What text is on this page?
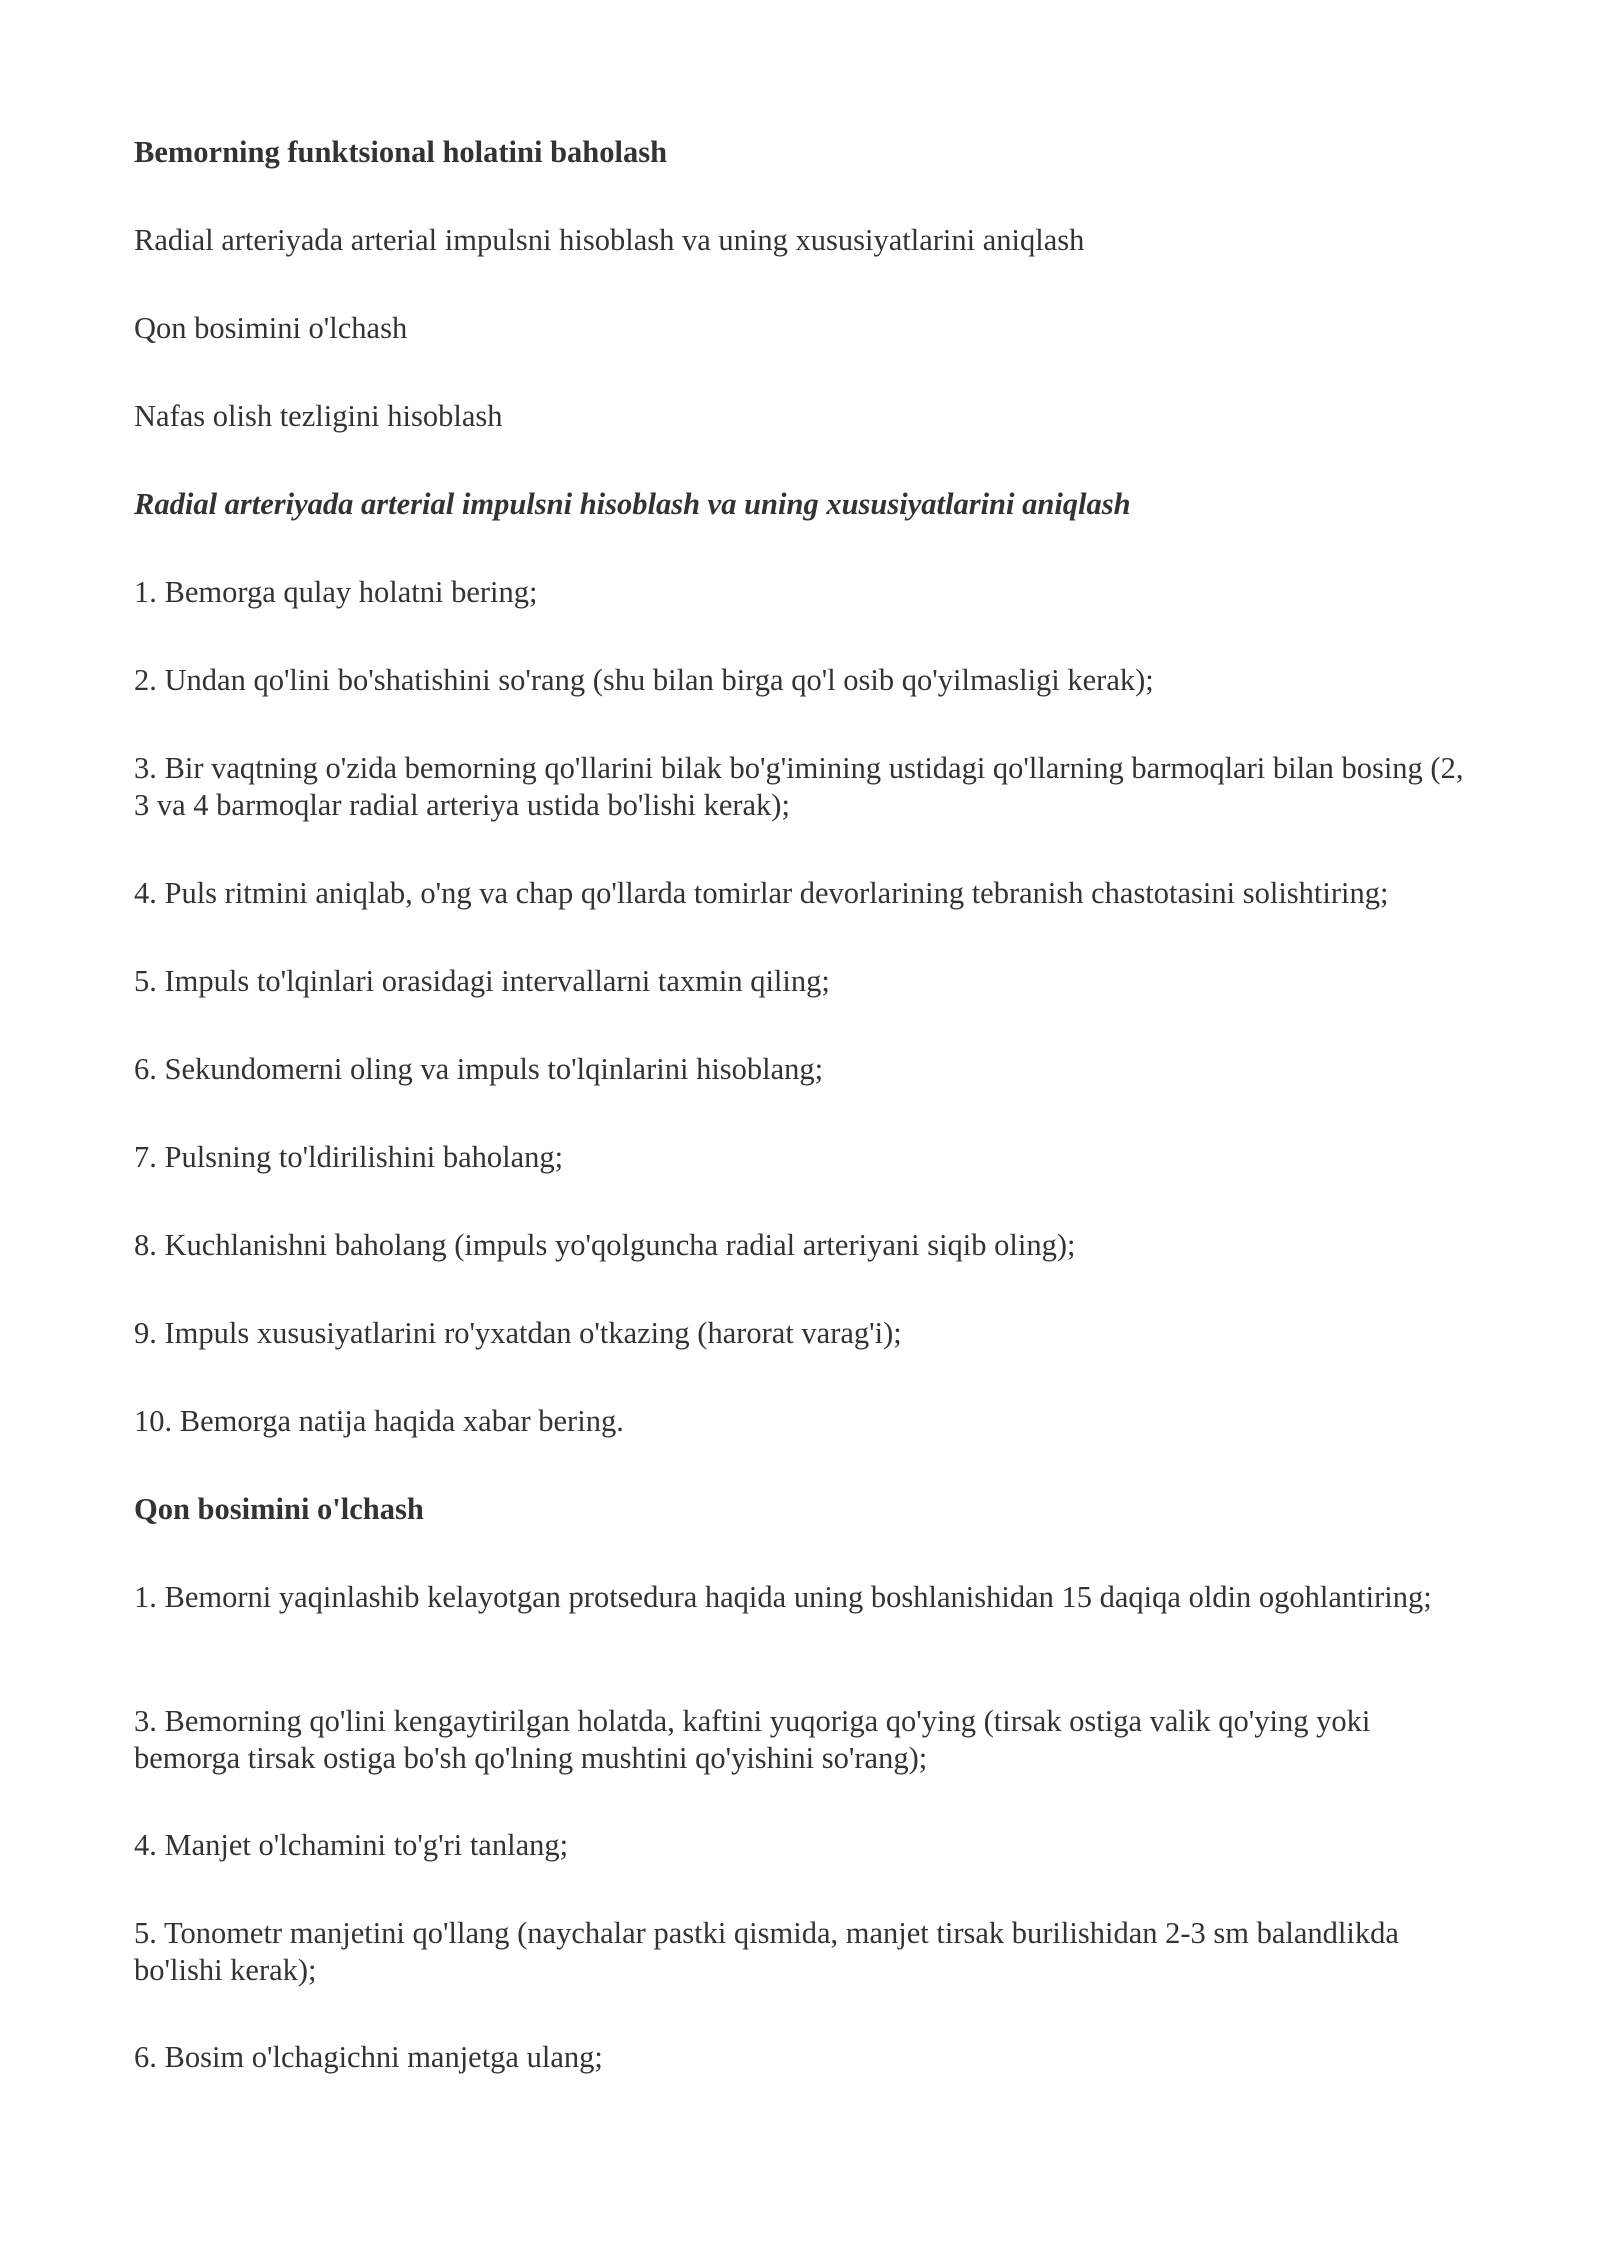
Bemorning funktsional holatini baholash

Radial arteriyada arterial impulsni hisoblash va uning xususiyatlarini aniqlash

Qon bosimini o'lchash

Nafas olish tezligini hisoblash

Radial arteriyada arterial impulsni hisoblash va uning xususiyatlarini aniqlash

1. Bemorga qulay holatni bering;

2. Undan qo'lini bo'shatishini so'rang (shu bilan birga qo'l osib qo'yilmasligi kerak);

3. Bir vaqtning o'zida bemorning qo'llarini bilak bo'g'imining ustidagi qo'llarning barmoqlari bilan bosing (2, 3 va 4 barmoqlar radial arteriya ustida bo'lishi kerak);

4. Puls ritmini aniqlab, o'ng va chap qo'llarda tomirlar devorlarining tebranish chastotasini solishtiring;

5. Impuls to'lqinlari orasidagi intervallarni taxmin qiling;

6. Sekundomerni oling va impuls to'lqinlarini hisoblang;

7. Pulsning to'ldirilishini baholang;

8. Kuchlanishni baholang (impuls yo'qolguncha radial arteriyani siqib oling);

9. Impuls xususiyatlarini ro'yxatdan o'tkazing (harorat varag'i);

10. Bemorga natija haqida xabar bering.

Qon bosimini o'lchash

1. Bemorni yaqinlashib kelayotgan protsedura haqida uning boshlanishidan 15 daqiqa oldin ogohlantiring;

3. Bemorning qo'lini kengaytirilgan holatda, kaftini yuqoriga qo'ying (tirsak ostiga valik qo'ying yoki bemorga tirsak ostiga bo'sh qo'lning mushtini qo'yishini so'rang);

4. Manjet o'lchamini to'g'ri tanlang;

5. Tonometr manjetini qo'llang (naychalar pastki qismida, manjet tirsak burilishidan 2-3 sm balandlikda bo'lishi kerak);

6. Bosim o'lchagichni manjetga ulang;
